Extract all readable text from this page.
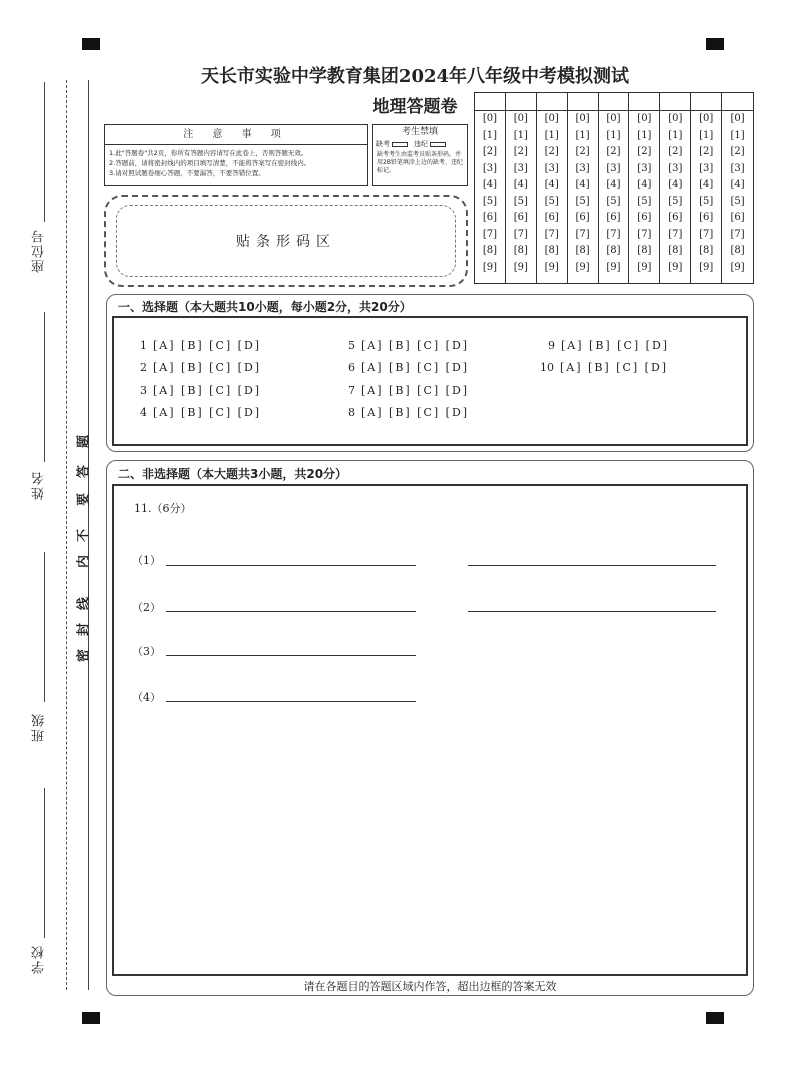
座位号
姓名
班级
学校
密
封
线
内
不
要
答
题
天长市实验中学教育集团2024年八年级中考模拟测试
地理答题卷
注 意 事 项
1.此"答题卷"共2页，你所有答题内容请写在此卷上，否则答题无效。
2.答题前，请将密封线内的项目填写清楚，不能将答案写在密封线内。
3.请对照试题卷细心答题，不要漏答，不要答错位置。
考生禁填
缺考	违纪
缺考考生由监考员贴条形码，并用2B铅笔填涂上边的缺考、违纪标记。
贴条形码区
[0]
[1]
[2]
[3]
[4]
[5]
[6]
[7]
[8]
[9]
[0]
[1]
[2]
[3]
[4]
[5]
[6]
[7]
[8]
[9]
[0]
[1]
[2]
[3]
[4]
[5]
[6]
[7]
[8]
[9]
[0]
[1]
[2]
[3]
[4]
[5]
[6]
[7]
[8]
[9]
[0]
[1]
[2]
[3]
[4]
[5]
[6]
[7]
[8]
[9]
[0]
[1]
[2]
[3]
[4]
[5]
[6]
[7]
[8]
[9]
[0]
[1]
[2]
[3]
[4]
[5]
[6]
[7]
[8]
[9]
[0]
[1]
[2]
[3]
[4]
[5]
[6]
[7]
[8]
[9]
[0]
[1]
[2]
[3]
[4]
[5]
[6]
[7]
[8]
[9]
一、选择题（本大题共10小题，每小题2分，共20分）
1 [A] [B] [C] [D]
2 [A] [B] [C] [D]
3 [A] [B] [C] [D]
4 [A] [B] [C] [D]
5 [A] [B] [C] [D]
6 [A] [B] [C] [D]
7 [A] [B] [C] [D]
8 [A] [B] [C] [D]
9 [A] [B] [C] [D]
10 [A] [B] [C] [D]
二、非选择题（本大题共3小题，共20分）
11.（6分）
（1）
（2）
（3）
（4）
请在各题目的答题区域内作答，超出边框的答案无效
